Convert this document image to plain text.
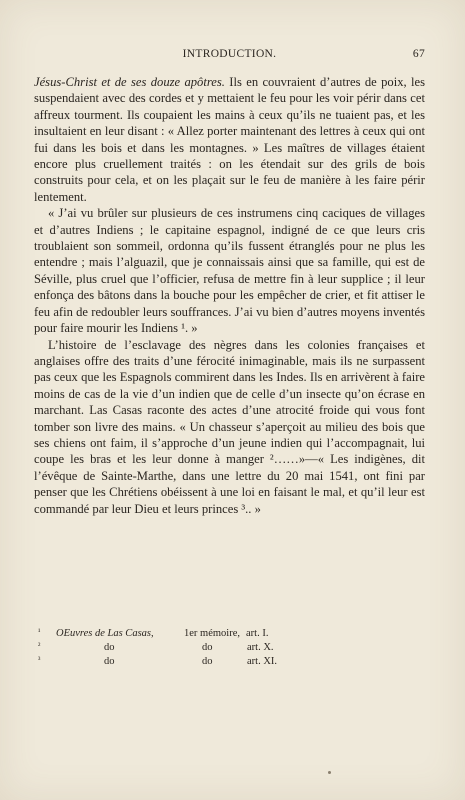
INTRODUCTION.	67

Jésus-Christ et de ses douze apôtres. Ils en couvraient d’autres de poix, les suspendaient avec des cordes et y mettaient le feu pour les voir périr dans cet affreux tourment. Ils coupaient les mains à ceux qu’ils ne tuaient pas, et les insultaient en leur disant : « Allez porter maintenant des lettres à ceux qui ont fui dans les bois et dans les montagnes. » Les maîtres de villages étaient encore plus cruellement traités : on les étendait sur des grils de bois construits pour cela, et on les plaçait sur le feu de manière à les faire périr lentement.

« J’ai vu brûler sur plusieurs de ces instrumens cinq caciques de villages et d’autres Indiens ; le capitaine espagnol, indigné de ce que leurs cris troublaient son sommeil, ordonna qu’ils fussent étranglés pour ne plus les entendre ; mais l’alguazil, que je connaissais ainsi que sa famille, qui est de Séville, plus cruel que l’officier, refusa de mettre fin à leur supplice ; il leur enfonça des bâtons dans la bouche pour les empêcher de crier, et fit attiser le feu afin de redoubler leurs souffrances. J’ai vu bien d’autres moyens inventés pour faire mourir les Indiens ¹. »

L’histoire de l’esclavage des nègres dans les colonies françaises et anglaises offre des traits d’une férocité inimaginable, mais ils ne surpassent pas ceux que les Espagnols commirent dans les Indes. Ils en arrivèrent à faire moins de cas de la vie d’un indien que de celle d’un insecte qu’on écrase en marchant. Las Casas raconte des actes d’une atrocité froide qui vous font tomber son livre des mains. « Un chasseur s’aperçoit au milieu des bois que ses chiens ont faim, il s’approche d’un jeune indien qui l’accompagnait, lui coupe les bras et les leur donne à manger ²……»—« Les indigènes, dit l’évêque de Sainte-Marthe, dans une lettre du 20 mai 1541, ont fini par penser que les Chrétiens obéissent à une loi en faisant le mal, et qu’il leur est commandé par leur Dieu et leurs princes ³.. »

¹ OEuvres de Las Casas,	1er mémoire, art. I.
²	do	do	art. X.
³	do	do	art. XI.
